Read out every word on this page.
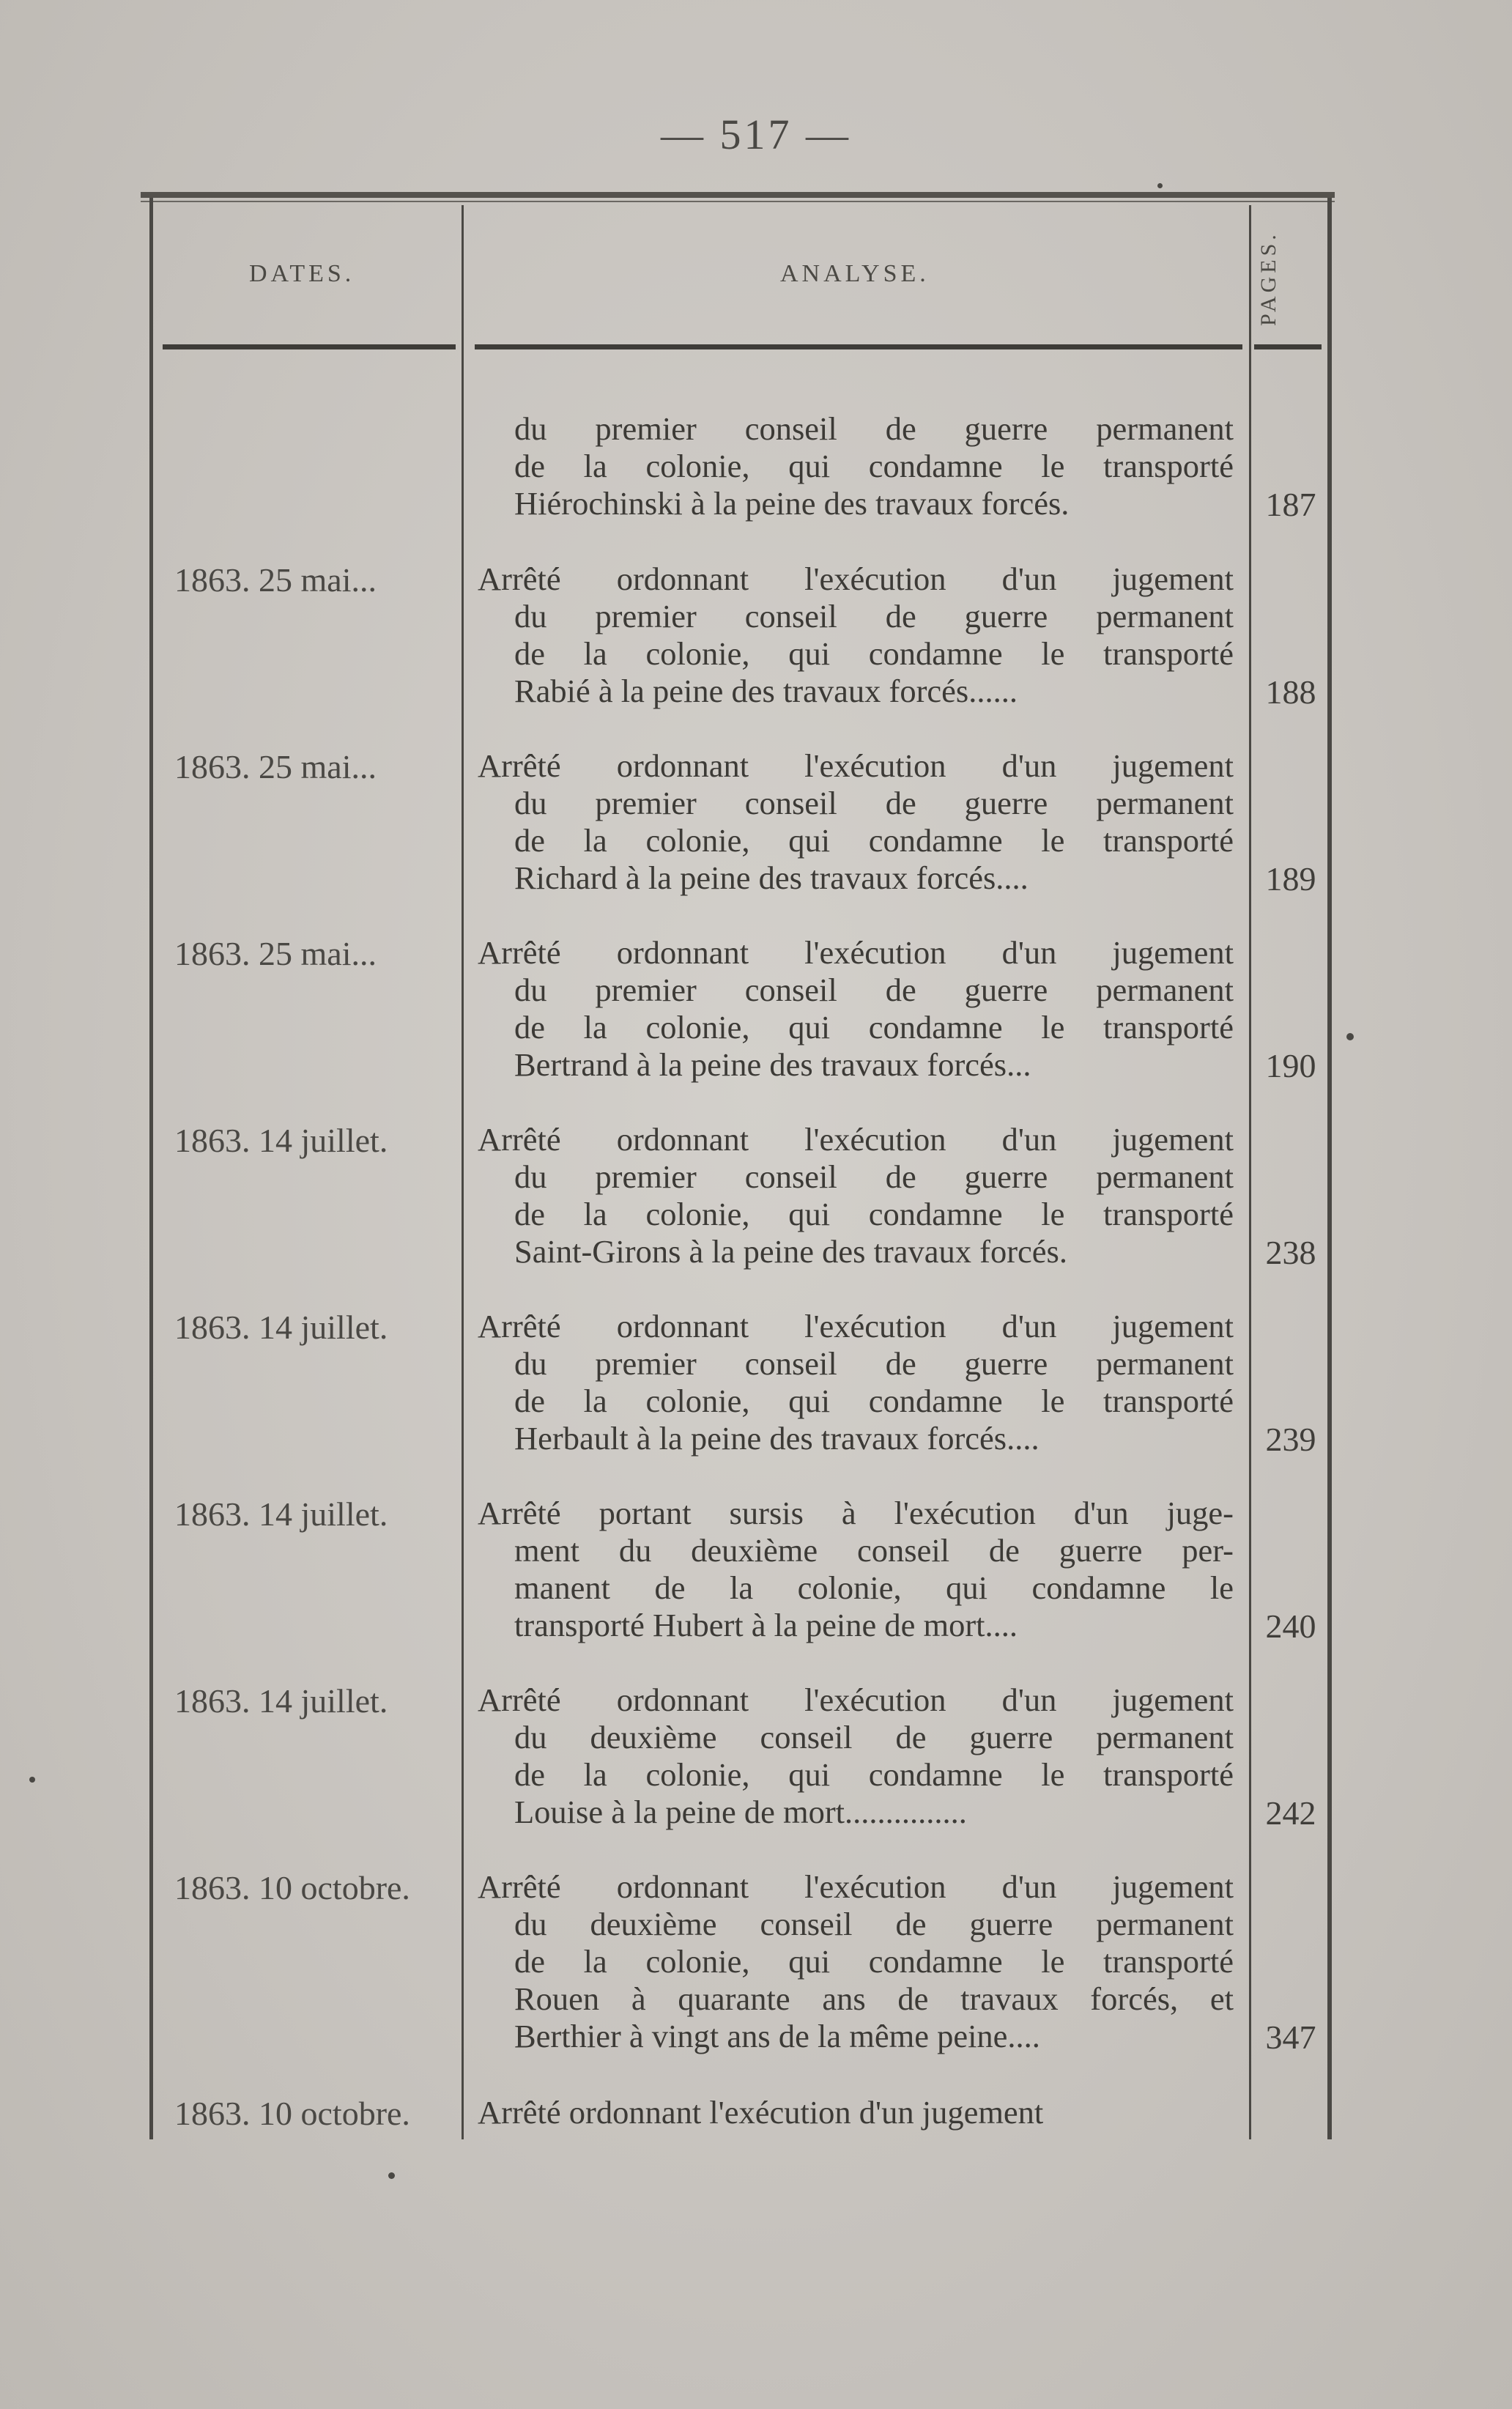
— 517 —
DATES.	ANALYSE.	PAGES.
du premier conseil de guerre permanent
de la colonie, qui condamne le transporté
Hiérochinski à la peine des travaux forcés.	187
1863. 25 mai...	Arrêté ordonnant l'exécution d'un jugement
du premier conseil de guerre permanent
de la colonie, qui condamne le transporté
Rabié à la peine des travaux forcés......	188
1863. 25 mai...	Arrêté ordonnant l'exécution d'un jugement
du premier conseil de guerre permanent
de la colonie, qui condamne le transporté
Richard à la peine des travaux forcés....	189
1863. 25 mai...	Arrêté ordonnant l'exécution d'un jugement
du premier conseil de guerre permanent
de la colonie, qui condamne le transporté
Bertrand à la peine des travaux forcés...	190
1863. 14 juillet.	Arrêté ordonnant l'exécution d'un jugement
du premier conseil de guerre permanent
de la colonie, qui condamne le transporté
Saint-Girons à la peine des travaux forcés.	238
1863. 14 juillet.	Arrêté ordonnant l'exécution d'un jugement
du premier conseil de guerre permanent
de la colonie, qui condamne le transporté
Herbault à la peine des travaux forcés....	239
1863. 14 juillet.	Arrêté portant sursis à l'exécution d'un juge-
ment du deuxième conseil de guerre per-
manent de la colonie, qui condamne le
transporté Hubert à la peine de mort....	240
1863. 14 juillet.	Arrêté ordonnant l'exécution d'un jugement
du deuxième conseil de guerre permanent
de la colonie, qui condamne le transporté
Louise à la peine de mort...............	242
1863. 10 octobre.	Arrêté ordonnant l'exécution d'un jugement
du deuxième conseil de guerre permanent
de la colonie, qui condamne le transporté
Rouen à quarante ans de travaux forcés, et
Berthier à vingt ans de la même peine....	347
1863. 10 octobre.	Arrêté ordonnant l'exécution d'un jugement
